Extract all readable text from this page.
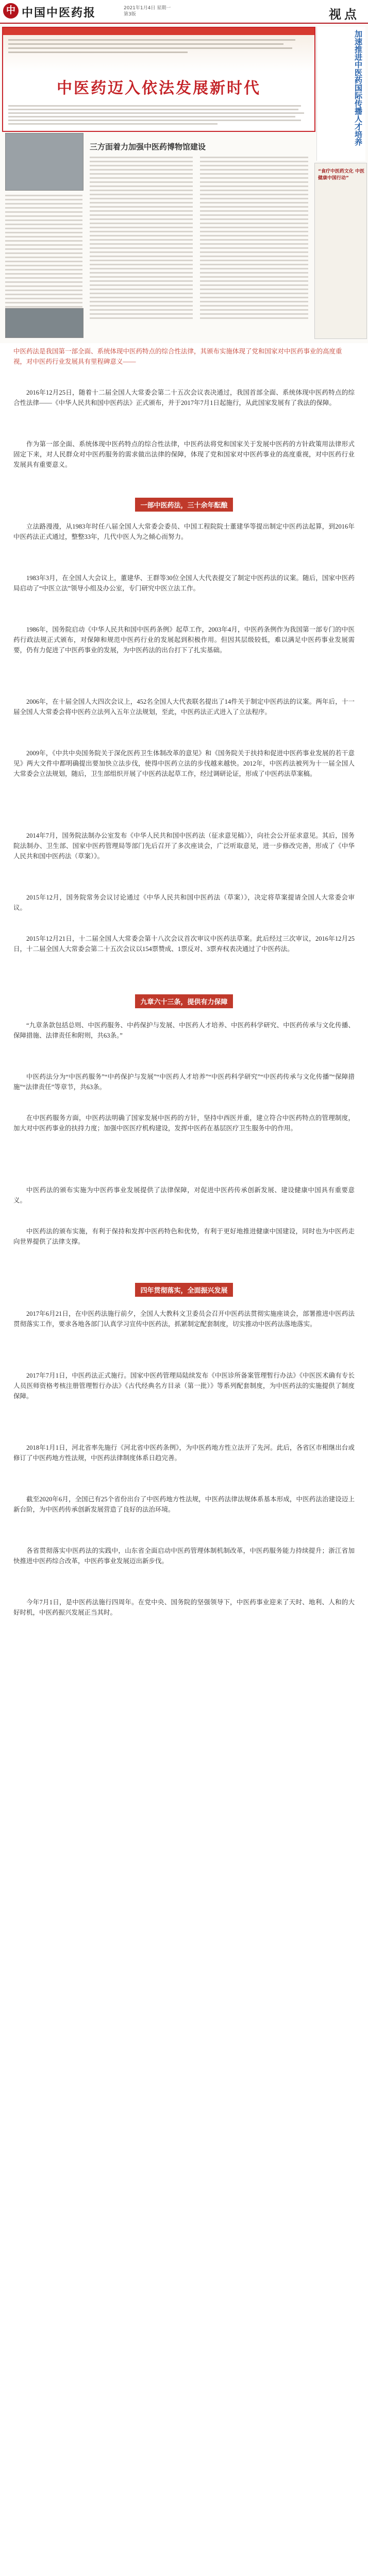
中 中国中医药报	2021年1月4日 星期一
第3版	视点
中医药迈入依法发展新时代	加速推进中医药国际传播人才培养
三方面着力加强中医药博物馆建设
“食疗中医药文化 中医健康中国行动”
中医药法是我国第一部全面、系统体现中医药特点的综合性法律，其颁布实施体现了党和国家对中医药事业的高度重视，对中医药行业发展具有里程碑意义——
2016年12月25日，随着十二届全国人大常委会第二十五次会议表决通过，我国首部全面、系统体现中医药特点的综合性法律——《中华人民共和国中医药法》正式颁布，并于2017年7月1日起施行，从此国家发展有了我法的保障。
作为第一部全面、系统体现中医药特点的综合性法律，中医药法将党和国家关于发展中医药的方针政策用法律形式固定下来，对人民群众对中医药服务的需求做出法律的保障，体现了党和国家对中医药事业的高度重视，对中医药行业发展具有重要意义。
一部中医药法，三十余年酝酿
立法路漫漫，从1983年时任八届全国人大常委会委员、中国工程院院士董建华等提出制定中医药法起算，到2016年中医药法正式通过，整整33年，几代中医人为之倾心而努力。
1983年3月，在全国人大会议上，董建华、王群等30位全国人大代表提交了制定中医药法的议案。随后，国家中医药局启动了“中医立法”领导小组及办公室，专门研究中医立法工作。
1986年，国务院启动《中华人民共和国中医药条例》起草工作，2003年4月，中医药条例作为我国第一部专门的中医药行政法规正式颁布，对保障和规范中医药行业的发展起到积极作用。但因其层级较低，难以满足中医药事业发展需要，仍有力促进了中医药事业的发展，为中医药法的出台打下了扎实基础。
2006年，在十届全国人大四次会议上，452名全国人大代表联名提出了14件关于制定中医药法的议案。两年后，十一届全国人大常委会将中医药立法列入五年立法规划，至此，中医药法正式进入了立法程序。
2009年，《中共中央国务院关于深化医药卫生体制改革的意见》和《国务院关于扶持和促进中医药事业发展的若干意见》两大文件中都明确提出要加快立法步伐，使得中医药立法的步伐越来越快。2012年，中医药法被列为十一届全国人大常委会立法规划，随后，卫生部组织开展了中医药法起草工作，经过调研论证，形成了中医药法草案稿。
2014年7月，国务院法制办公室发布《中华人民共和国中医药法（征求意见稿）》，向社会公开征求意见。其后，国务院法制办、卫生部、国家中医药管理局等部门先后召开了多次座谈会，广泛听取意见，进一步修改完善，形成了《中华人民共和国中医药法（草案）》。
2015年12月，国务院常务会议讨论通过《中华人民共和国中医药法（草案）》，决定将草案提请全国人大常委会审议。
2015年12月21日，十二届全国人大常委会第十八次会议首次审议中医药法草案。此后经过三次审议，2016年12月25日，十二届全国人大常委会第二十五次会议以154票赞成、1票反对、3票弃权表决通过了中医药法。
九章六十三条，提供有力保障
“九章条款包括总则、中医药服务、中药保护与发展、中医药人才培养、中医药科学研究、中医药传承与文化传播、保障措施、法律责任和附则，共63条。”
中医药法分为“中医药服务”“中药保护与发展”“中医药人才培养”“中医药科学研究”“中医药传承与文化传播”“保障措施”“法律责任”等章节，共63条。
在中医药服务方面，中医药法明确了国家发展中医药的方针，坚持中西医并重，建立符合中医药特点的管理制度，加大对中医药事业的扶持力度；加强中医医疗机构建设，发挥中医药在基层医疗卫生服务中的作用。
中医药法的颁布实施为中医药事业发展提供了法律保障，对促进中医药传承创新发展、建设健康中国具有重要意义。
中医药法的颁布实施，有利于保持和发挥中医药特色和优势，有利于更好地推进健康中国建设，同时也为中医药走向世界提供了法律支撑。
四年贯彻落实，全面振兴发展
2017年6月21日，在中医药法施行前夕，全国人大教科文卫委员会召开中医药法贯彻实施座谈会，部署推进中医药法贯彻落实工作，要求各地各部门认真学习宣传中医药法，抓紧制定配套制度，切实推动中医药法落地落实。
2017年7月1日，中医药法正式施行。国家中医药管理局陆续发布《中医诊所备案管理暂行办法》《中医医术确有专长人员医师资格考核注册管理暂行办法》《古代经典名方目录（第一批）》等系列配套制度，为中医药法的实施提供了制度保障。
2018年1月1日，河北省率先施行《河北省中医药条例》，为中医药地方性立法开了先河。此后，各省区市相继出台或修订了中医药地方性法规，中医药法律制度体系日趋完善。
截至2020年6月，全国已有25个省份出台了中医药地方性法规，中医药法律法规体系基本形成，中医药法治建设迈上新台阶，为中医药传承创新发展营造了良好的法治环境。
各省贯彻落实中医药法的实践中，山东省全面启动中医药管理体制机制改革，中医药服务能力持续提升；浙江省加快推进中医药综合改革，中医药事业发展迈出新步伐。
今年7月1日，是中医药法施行四周年。在党中央、国务院的坚强领导下，中医药事业迎来了天时、地利、人和的大好时机，中医药振兴发展正当其时。
